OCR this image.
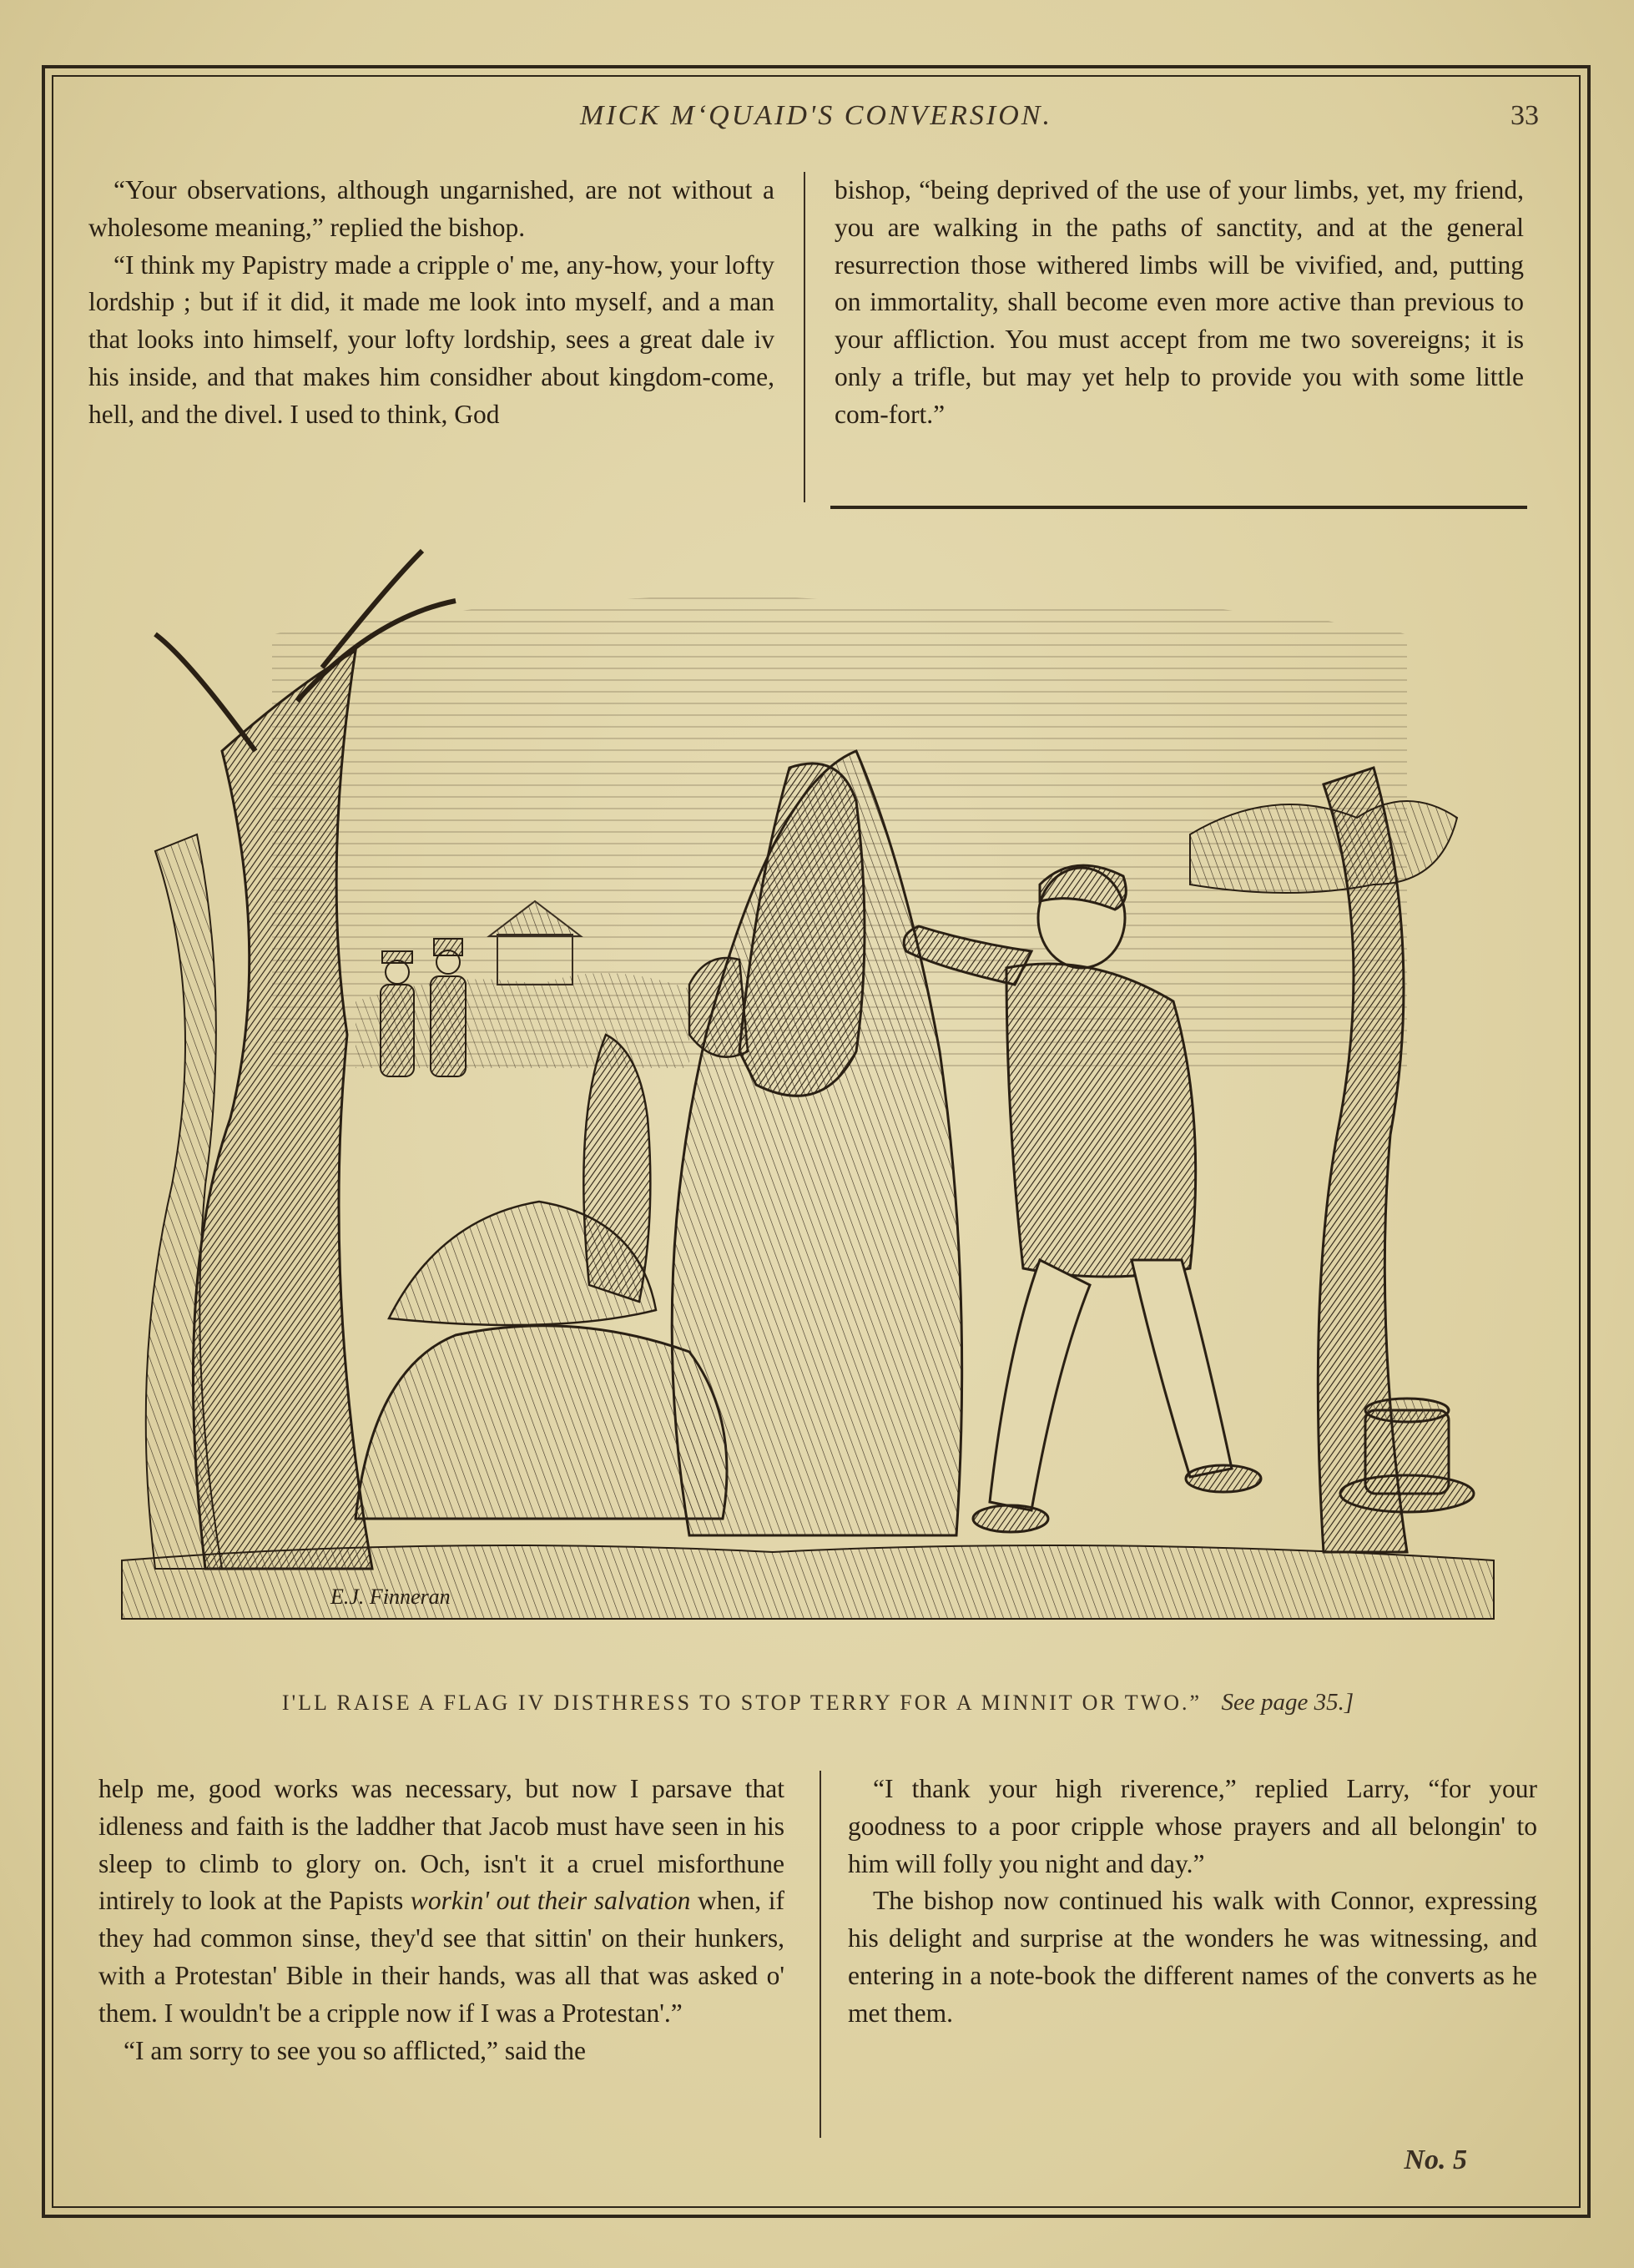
MICK M‘QUAID'S CONVERSION.	33

“Your observations, although ungarnished, are not without a wholesome meaning,” replied the bishop.

“I think my Papistry made a cripple o' me, any-how, your lofty lordship ; but if it did, it made me look into myself, and a man that looks into himself, your lofty lordship, sees a great dale iv his inside, and that makes him considher about kingdom-come, hell, and the divel. I used to think, God

bishop, “being deprived of the use of your limbs, yet, my friend, you are walking in the paths of sanctity, and at the general resurrection those withered limbs will be vivified, and, putting on immortality, shall become even more active than previous to your affliction. You must accept from me two sovereigns; it is only a trifle, but may yet help to provide you with some little com-fort.”

E.J. Finneran
I'LL RAISE A FLAG IV DISTHRESS TO STOP TERRY FOR A MINNIT OR TWO.” See page 35.]

help me, good works was necessary, but now I parsave that idleness and faith is the laddher that Jacob must have seen in his sleep to climb to glory on. Och, isn't it a cruel misforthune intirely to look at the Papists workin' out their salvation when, if they had common sinse, they'd see that sittin' on their hunkers, with a Protestan' Bible in their hands, was all that was asked o' them. I wouldn't be a cripple now if I was a Protestan'.”

“I am sorry to see you so afflicted,” said the

“I thank your high riverence,” replied Larry, “for your goodness to a poor cripple whose prayers and all belongin' to him will folly you night and day.”

The bishop now continued his walk with Connor, expressing his delight and surprise at the wonders he was witnessing, and entering in a note-book the different names of the converts as he met them.

No. 5
